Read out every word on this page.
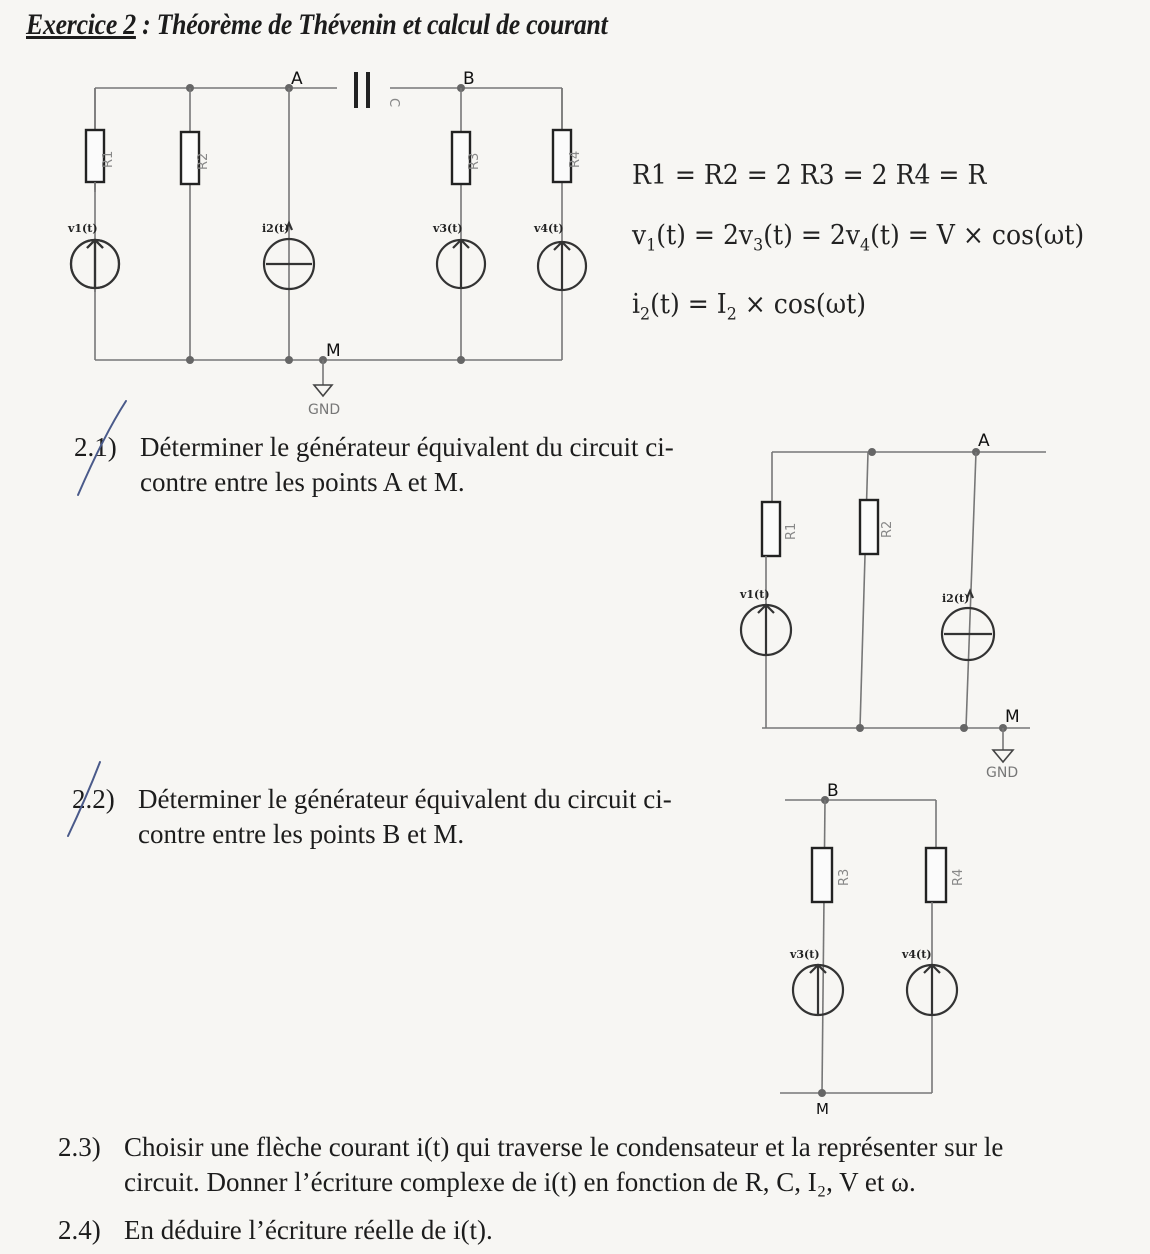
Exercice 2 : Théorème de Thévenin et calcul de courant
C
R1
v1(t)
R2
A
i2(t)
M
GND
B
R3
v3(t)
R4
v4(t)
R1 = R2 = 2 R3 = 2 R4 = R
$v_1(t) = 2v_3(t) = 2v_4(t) = V \times \cos(\omega t)$
$i_2(t) = I_2 \times \cos(\omega t)$
2.1) Déterminer le générateur équivalent du circuit ci-
contre entre les points A et M.
R1
v1(t)
R2
A
i2(t)
M
GND
2.2) Déterminer le générateur équivalent du circuit ci-
contre entre les points B et M.
B
R3
v3(t)
R4
v4(t)
M
2.3) Choisir une flèche courant i(t) qui traverse le condensateur et la représenter sur le
circuit. Donner l’écriture complexe de i(t) en fonction de R, C, I₂, V et ω.
2.4) En déduire l’écriture réelle de i(t).
